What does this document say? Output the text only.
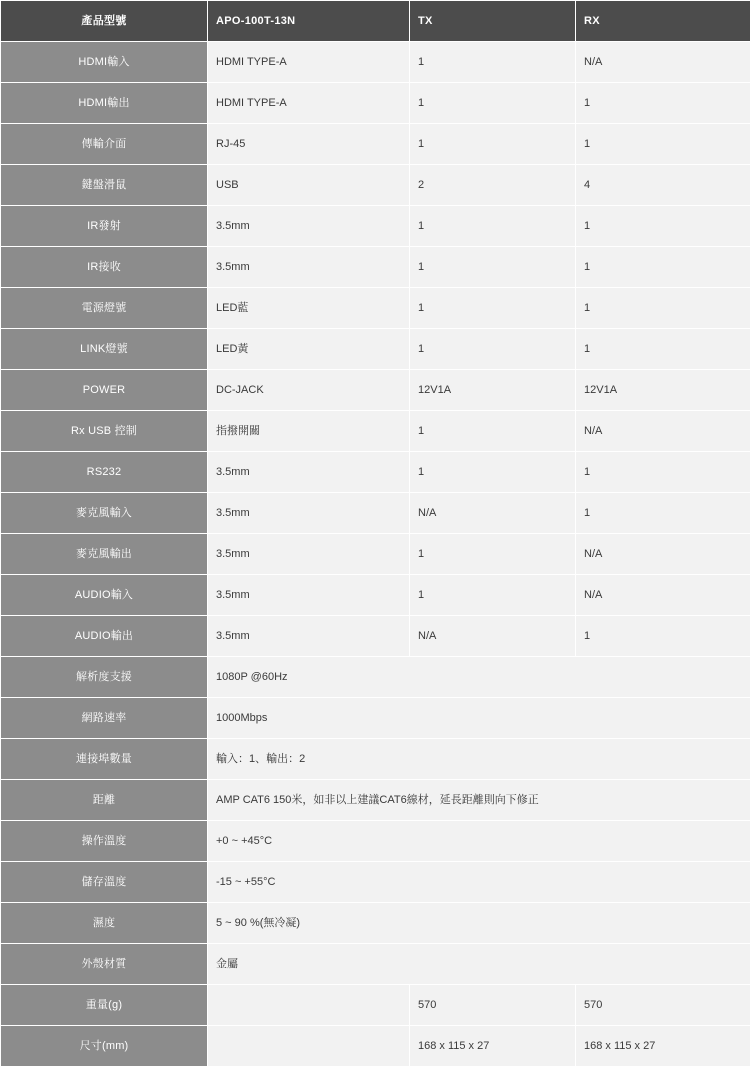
產品型號	APO-100T-13N	TX	RX
HDMI輸入	HDMI TYPE-A	1	N/A
HDMI輸出	HDMI TYPE-A	1	1
傳輸介面	RJ-45	1	1
鍵盤滑鼠	USB	2	4
IR發射	3.5mm	1	1
IR接收	3.5mm	1	1
電源燈號	LED藍	1	1
LINK燈號	LED黃	1	1
POWER	DC-JACK	12V1A	12V1A
Rx USB 控制	指撥開關	1	N/A
RS232	3.5mm	1	1
麥克風輸入	3.5mm	N/A	1
麥克風輸出	3.5mm	1	N/A
AUDIO輸入	3.5mm	1	N/A
AUDIO輸出	3.5mm	N/A	1
解析度支援	1080P @60Hz		
網路速率	1000Mbps		
連接埠數量	輸入：1、輸出：2		
距離	AMP CAT6 150米，如非以上建議CAT6線材，延長距離則向下修正		
操作溫度	+0 ~ +45°C		
儲存溫度	-15 ~ +55°C		
濕度	5 ~ 90 %(無冷凝)		
外殼材質	金屬		
重量(g)		570	570
尺寸(mm)		168 x 115 x 27	168 x 115 x 27
